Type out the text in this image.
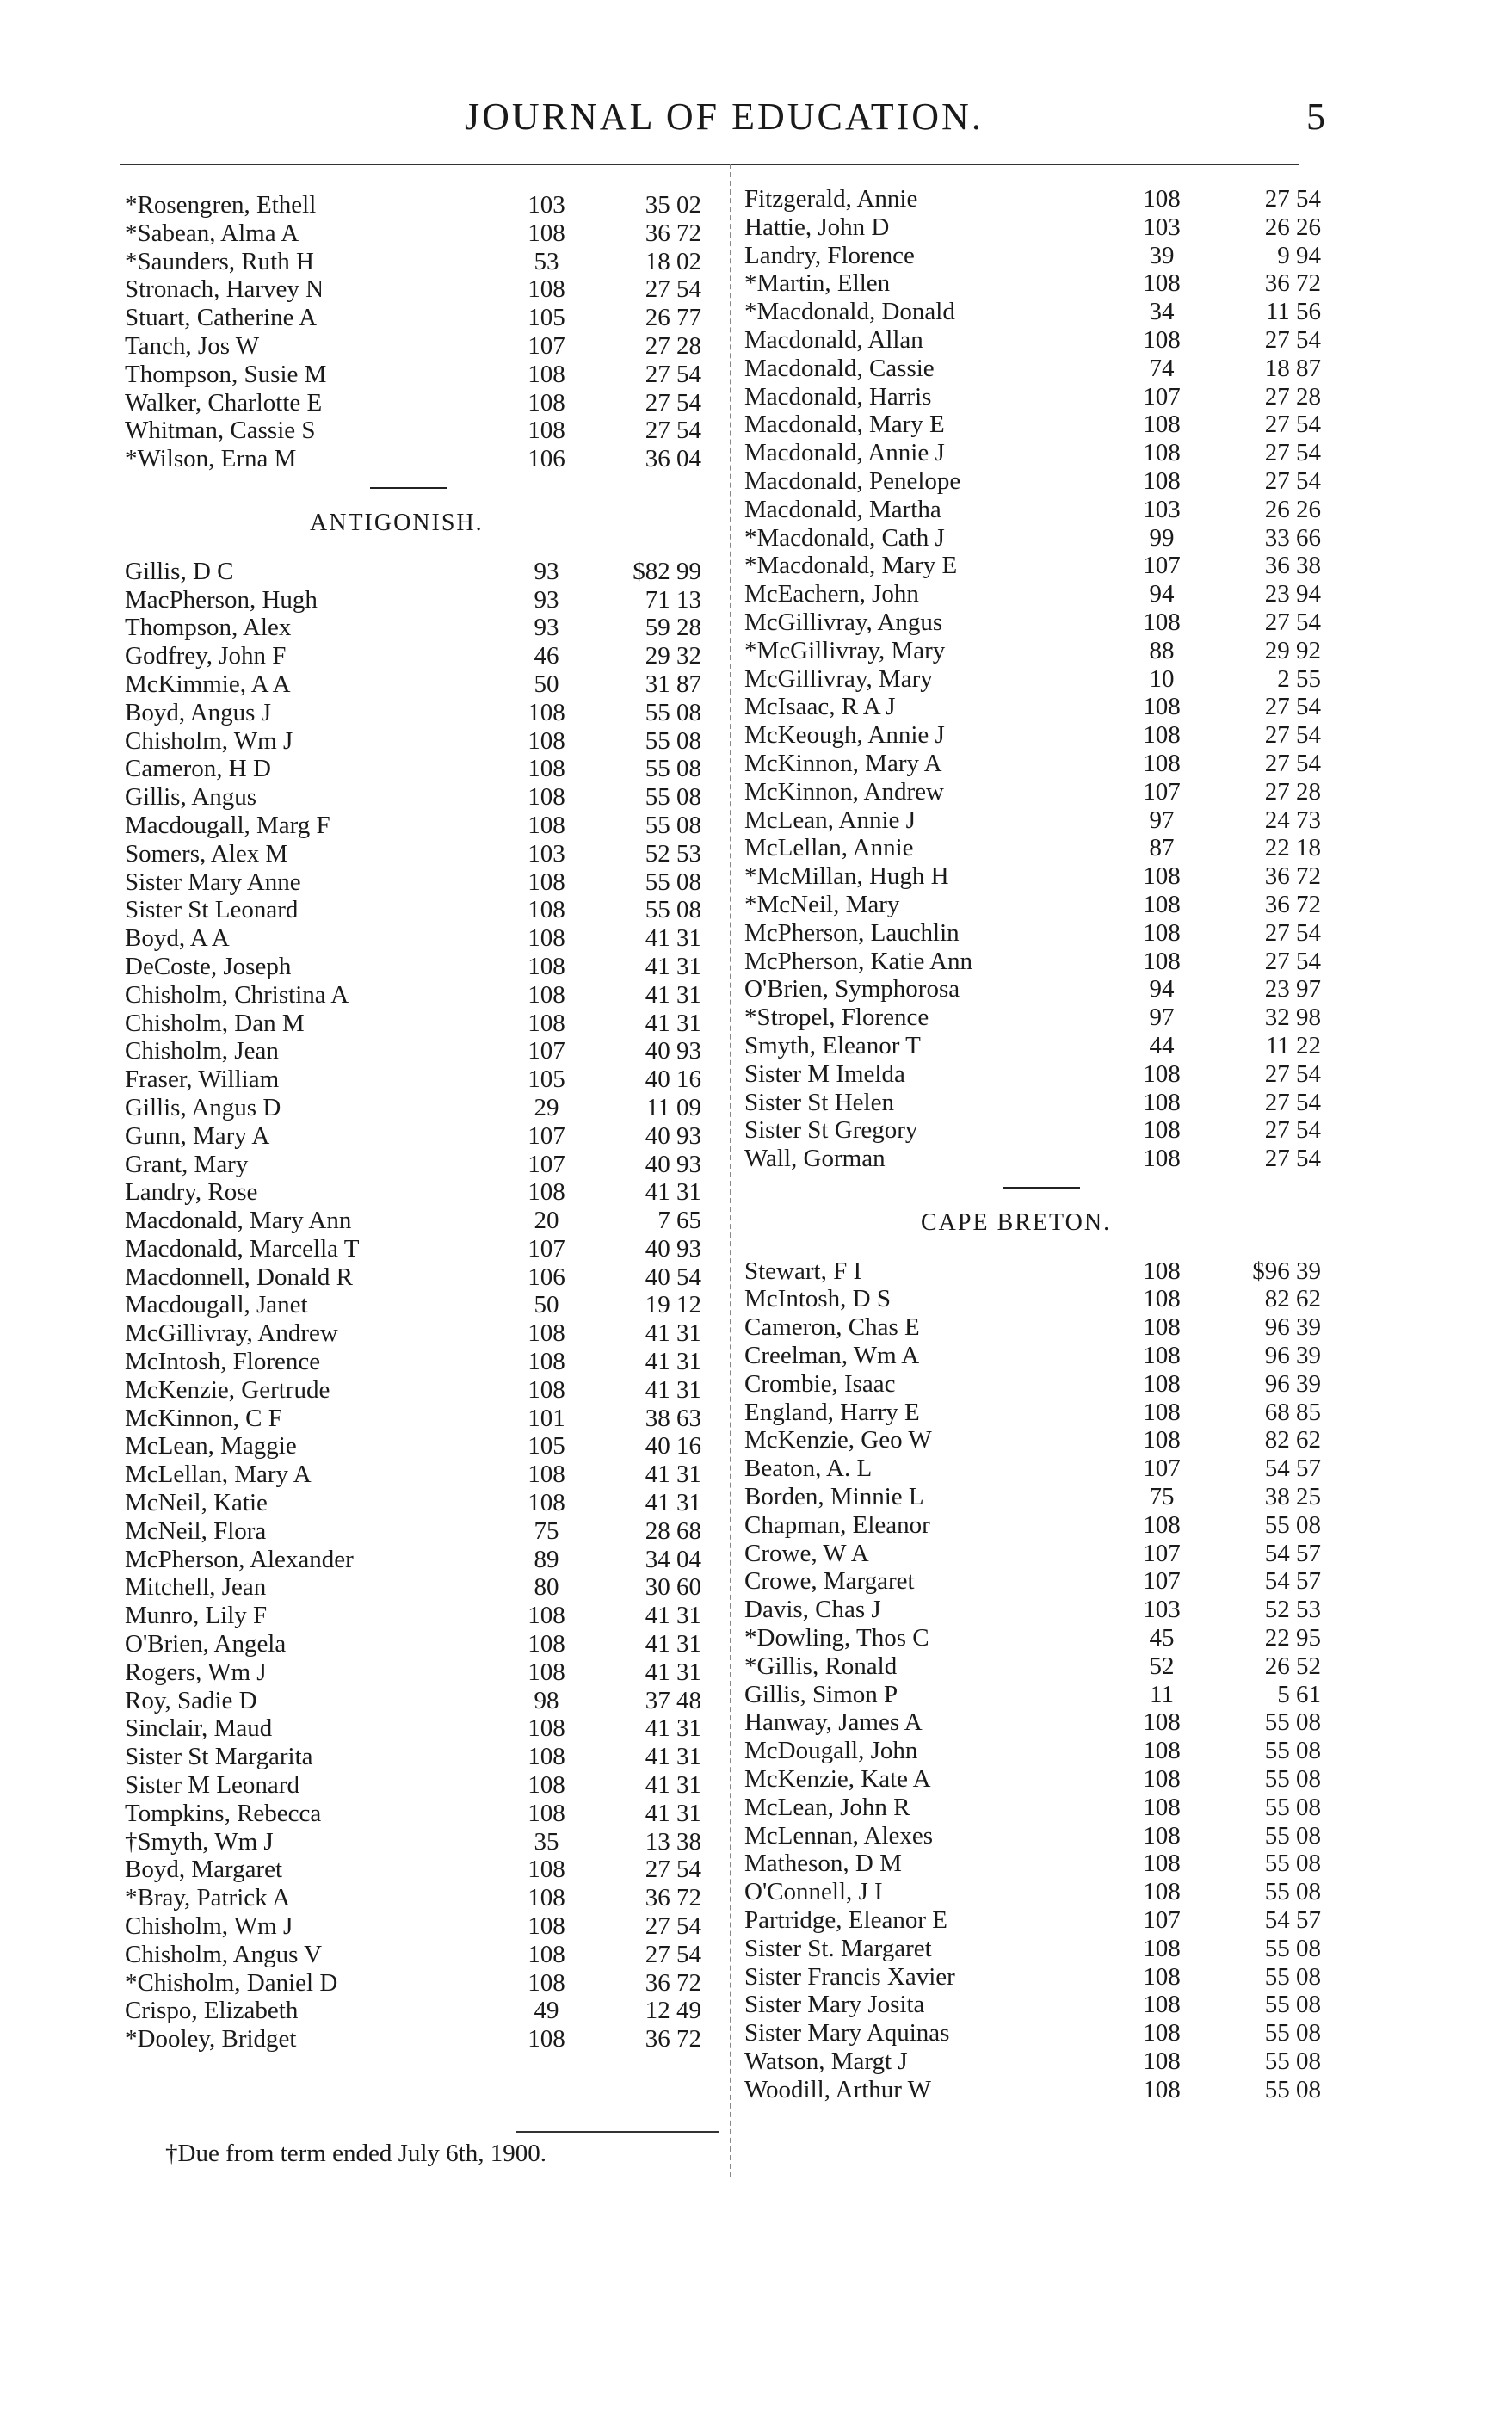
JOURNAL OF EDUCATION.	5
*Rosengren, Ethell	103	35 02
*Sabean, Alma A	108	36 72
*Saunders, Ruth H	53	18 02
Stronach, Harvey N	108	27 54
Stuart, Catherine A	105	26 77
Tanch, Jos W	107	27 28
Thompson, Susie M	108	27 54
Walker, Charlotte E	108	27 54
Whitman, Cassie S	108	27 54
*Wilson, Erna M	106	36 04
ANTIGONISH.
Gillis, D C	93	$82 99
MacPherson, Hugh	93	71 13
Thompson, Alex	93	59 28
Godfrey, John F	46	29 32
McKimmie, A A	50	31 87
Boyd, Angus J	108	55 08
Chisholm, Wm J	108	55 08
Cameron, H D	108	55 08
Gillis, Angus	108	55 08
Macdougall, Marg F	108	55 08
Somers, Alex M	103	52 53
Sister Mary Anne	108	55 08
Sister St Leonard	108	55 08
Boyd, A A	108	41 31
DeCoste, Joseph	108	41 31
Chisholm, Christina A	108	41 31
Chisholm, Dan M	108	41 31
Chisholm, Jean	107	40 93
Fraser, William	105	40 16
Gillis, Angus D	29	11 09
Gunn, Mary A	107	40 93
Grant, Mary	107	40 93
Landry, Rose	108	41 31
Macdonald, Mary Ann	20	7 65
Macdonald, Marcella T	107	40 93
Macdonnell, Donald R	106	40 54
Macdougall, Janet	50	19 12
McGillivray, Andrew	108	41 31
McIntosh, Florence	108	41 31
McKenzie, Gertrude	108	41 31
McKinnon, C F	101	38 63
McLean, Maggie	105	40 16
McLellan, Mary A	108	41 31
McNeil, Katie	108	41 31
McNeil, Flora	75	28 68
McPherson, Alexander	89	34 04
Mitchell, Jean	80	30 60
Munro, Lily F	108	41 31
O'Brien, Angela	108	41 31
Rogers, Wm J	108	41 31
Roy, Sadie D	98	37 48
Sinclair, Maud	108	41 31
Sister St Margarita	108	41 31
Sister M Leonard	108	41 31
Tompkins, Rebecca	108	41 31
†Smyth, Wm J	35	13 38
Boyd, Margaret	108	27 54
*Bray, Patrick A	108	36 72
Chisholm, Wm J	108	27 54
Chisholm, Angus V	108	27 54
*Chisholm, Daniel D	108	36 72
Crispo, Elizabeth	49	12 49
*Dooley, Bridget	108	36 72
Fitzgerald, Annie	108	27 54
Hattie, John D	103	26 26
Landry, Florence	39	9 94
*Martin, Ellen	108	36 72
*Macdonald, Donald	34	11 56
Macdonald, Allan	108	27 54
Macdonald, Cassie	74	18 87
Macdonald, Harris	107	27 28
Macdonald, Mary E	108	27 54
Macdonald, Annie J	108	27 54
Macdonald, Penelope	108	27 54
Macdonald, Martha	103	26 26
*Macdonald, Cath J	99	33 66
*Macdonald, Mary E	107	36 38
McEachern, John	94	23 94
McGillivray, Angus	108	27 54
*McGillivray, Mary	88	29 92
McGillivray, Mary	10	2 55
McIsaac, R A J	108	27 54
McKeough, Annie J	108	27 54
McKinnon, Mary A	108	27 54
McKinnon, Andrew	107	27 28
McLean, Annie J	97	24 73
McLellan, Annie	87	22 18
*McMillan, Hugh H	108	36 72
*McNeil, Mary	108	36 72
McPherson, Lauchlin	108	27 54
McPherson, Katie Ann	108	27 54
O'Brien, Symphorosa	94	23 97
*Stropel, Florence	97	32 98
Smyth, Eleanor T	44	11 22
Sister M Imelda	108	27 54
Sister St Helen	108	27 54
Sister St Gregory	108	27 54
Wall, Gorman	108	27 54
CAPE BRETON.
Stewart, F I	108	$96 39
McIntosh, D S	108	82 62
Cameron, Chas E	108	96 39
Creelman, Wm A	108	96 39
Crombie, Isaac	108	96 39
England, Harry E	108	68 85
McKenzie, Geo W	108	82 62
Beaton, A. L	107	54 57
Borden, Minnie L	75	38 25
Chapman, Eleanor	108	55 08
Crowe, W A	107	54 57
Crowe, Margaret	107	54 57
Davis, Chas J	103	52 53
*Dowling, Thos C	45	22 95
*Gillis, Ronald	52	26 52
Gillis, Simon P	11	5 61
Hanway, James A	108	55 08
McDougall, John	108	55 08
McKenzie, Kate A	108	55 08
McLean, John R	108	55 08
McLennan, Alexes	108	55 08
Matheson, D M	108	55 08
O'Connell, J I	108	55 08
Partridge, Eleanor E	107	54 57
Sister St. Margaret	108	55 08
Sister Francis Xavier	108	55 08
Sister Mary Josita	108	55 08
Sister Mary Aquinas	108	55 08
Watson, Margt J	108	55 08
Woodill, Arthur W	108	55 08
†Due from term ended July 6th, 1900.
